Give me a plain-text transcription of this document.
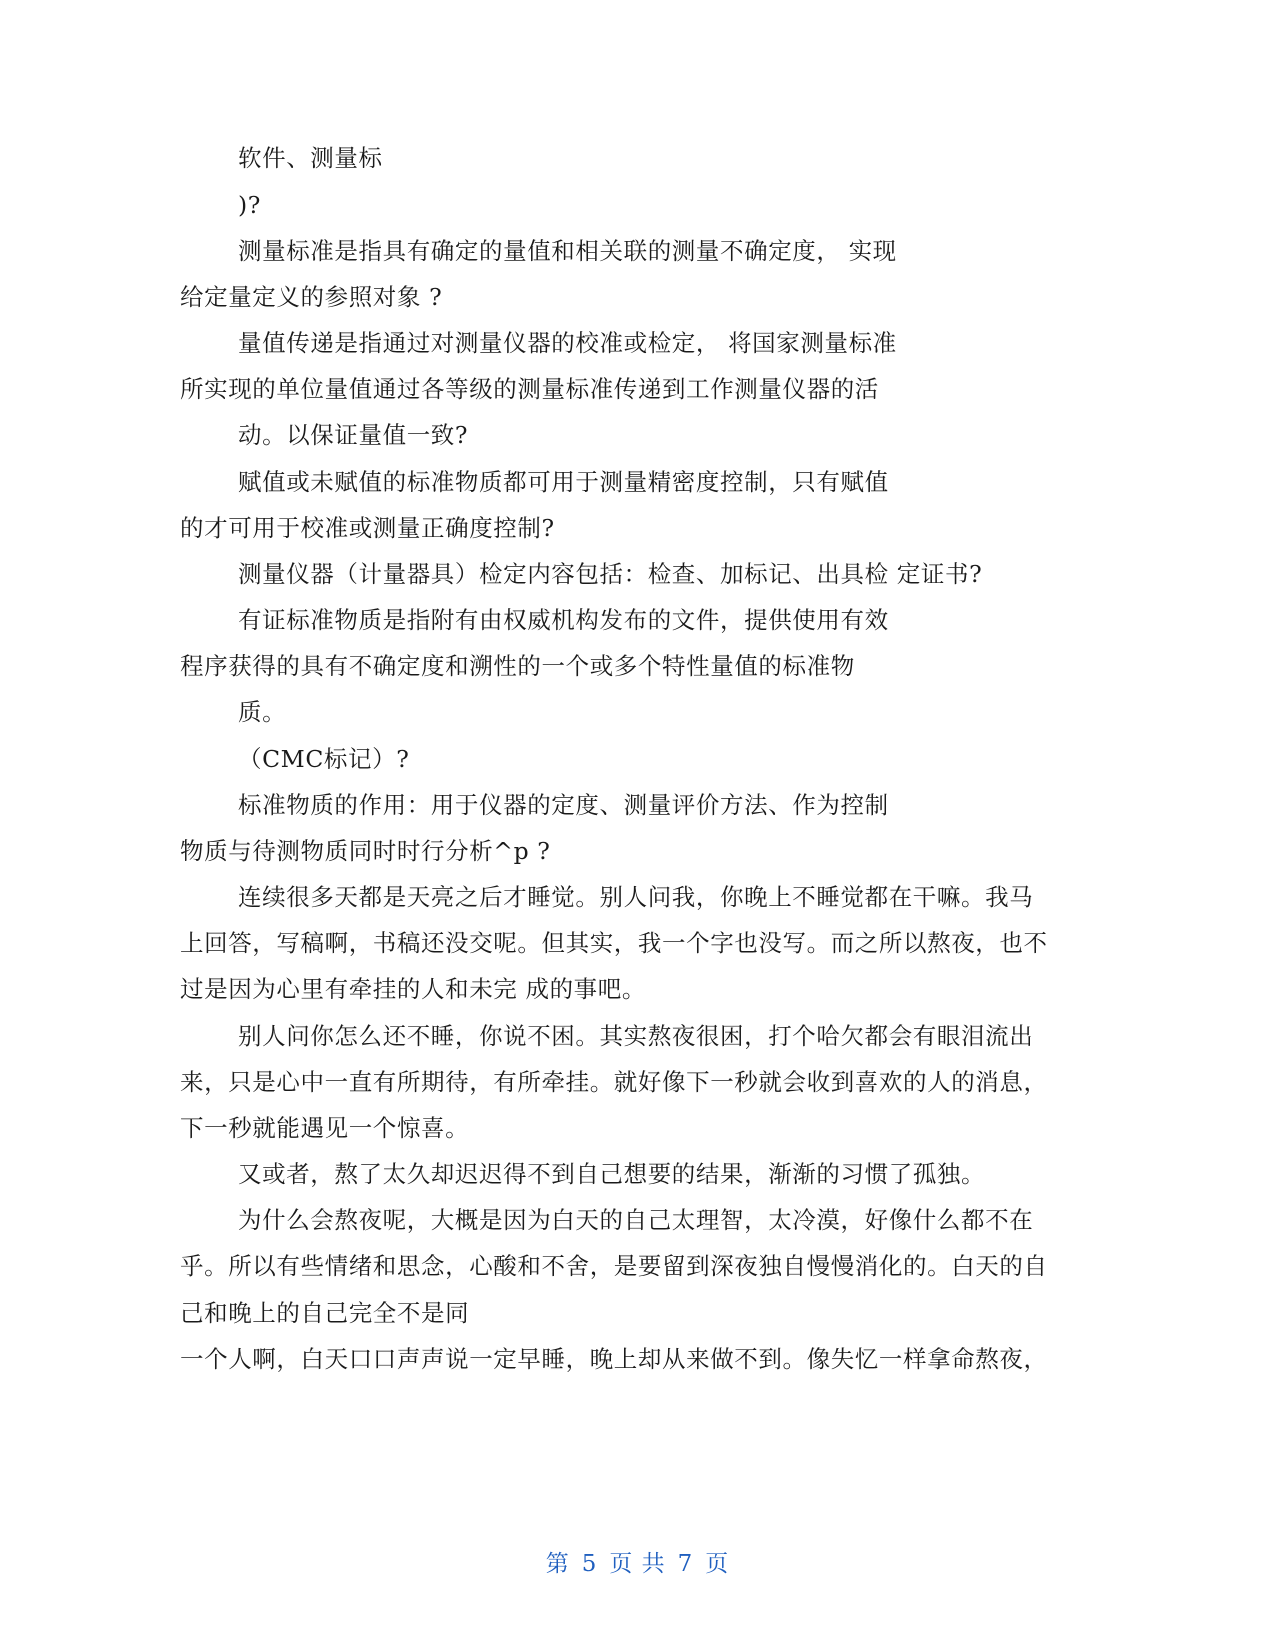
软件、测量标
)?
测量标准是指具有确定的量值和相关联的测量不确定度， 实现
给定量定义的参照对象 ?
量值传递是指通过对测量仪器的校准或检定， 将国家测量标准
所实现的单位量值通过各等级的测量标准传递到工作测量仪器的活
动。以保证量值一致?
赋值或未赋值的标准物质都可用于测量精密度控制，只有赋值
的才可用于校准或测量正确度控制?
测量仪器（计量器具）检定内容包括：检查、加标记、出具检 定证书?
有证标准物质是指附有由权威机构发布的文件，提供使用有效
程序获得的具有不确定度和溯性的一个或多个特性量值的标准物
质。
（CMC标记）?
标准物质的作用：用于仪器的定度、测量评价方法、作为控制
物质与待测物质同时时行分析^p ?
连续很多天都是天亮之后才睡觉。别人问我，你晚上不睡觉都在干嘛。我马
上回答，写稿啊，书稿还没交呢。但其实，我一个字也没写。而之所以熬夜，也不
过是因为心里有牵挂的人和未完 成的事吧。
别人问你怎么还不睡，你说不困。其实熬夜很困，打个哈欠都会有眼泪流出
来，只是心中一直有所期待，有所牵挂。就好像下一秒就会收到喜欢的人的消息，
下一秒就能遇见一个惊喜。
又或者，熬了太久却迟迟得不到自己想要的结果，渐渐的习惯了孤独。
为什么会熬夜呢，大概是因为白天的自己太理智，太冷漠，好像什么都不在
乎。所以有些情绪和思念，心酸和不舍，是要留到深夜独自慢慢消化的。白天的自
己和晚上的自己完全不是同
一个人啊，白天口口声声说一定早睡，晚上却从来做不到。像失忆一样拿命熬夜，
第 5 页 共 7 页
